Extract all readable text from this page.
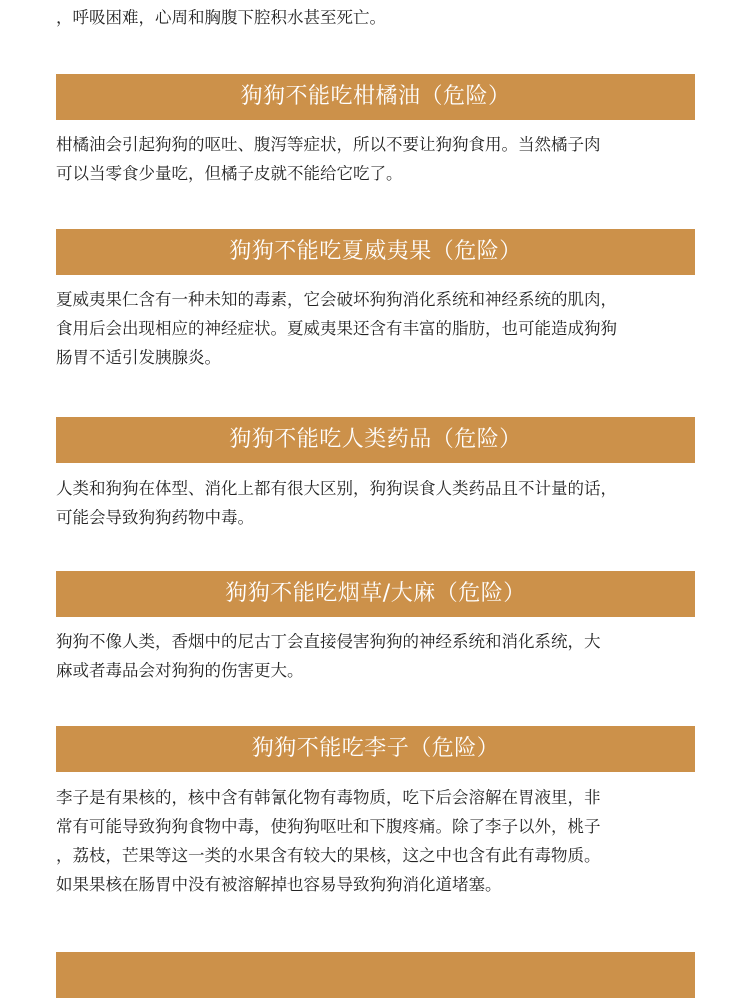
，呼吸困难，心周和胸腹下腔积水甚至死亡。
狗狗不能吃柑橘油（危险）
柑橘油会引起狗狗的呕吐、腹泻等症状，所以不要让狗狗食用。当然橘子肉
可以当零食少量吃，但橘子皮就不能给它吃了。
狗狗不能吃夏威夷果（危险）
夏威夷果仁含有一种未知的毒素，它会破坏狗狗消化系统和神经系统的肌肉，
食用后会出现相应的神经症状。夏威夷果还含有丰富的脂肪，也可能造成狗狗
肠胃不适引发胰腺炎。
狗狗不能吃人类药品（危险）
人类和狗狗在体型、消化上都有很大区别，狗狗误食人类药品且不计量的话，
可能会导致狗狗药物中毒。
狗狗不能吃烟草/大麻（危险）
狗狗不像人类，香烟中的尼古丁会直接侵害狗狗的神经系统和消化系统，大
麻或者毒品会对狗狗的伤害更大。
狗狗不能吃李子（危险）
李子是有果核的，核中含有韩氰化物有毒物质，吃下后会溶解在胃液里，非
常有可能导致狗狗食物中毒，使狗狗呕吐和下腹疼痛。除了李子以外，桃子
，荔枝，芒果等这一类的水果含有较大的果核，这之中也含有此有毒物质。
如果果核在肠胃中没有被溶解掉也容易导致狗狗消化道堵塞。
